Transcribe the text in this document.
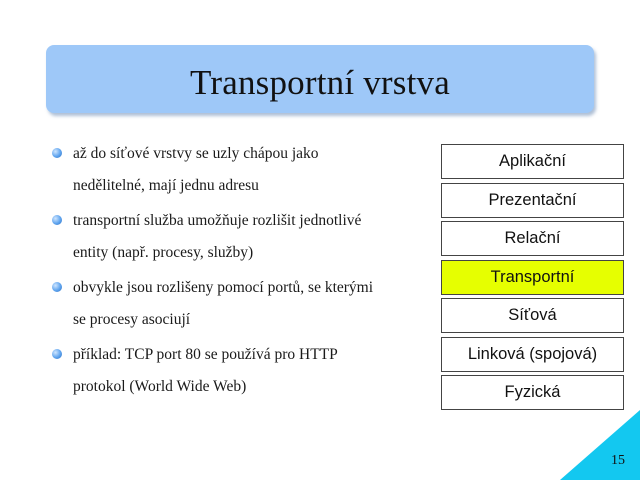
Transportní vrstva
až do síťové vrstvy se uzly chápou jako
nedělitelné, mají jednu adresu
transportní služba umožňuje rozlišit jednotlivé
entity (např. procesy, služby)
obvykle jsou rozlišeny pomocí portů, se kterými
se procesy asociují
příklad: TCP port 80 se používá pro HTTP
protokol (World Wide Web)
Aplikační
Prezentační
Relační
Transportní
Síťová
Linková (spojová)
Fyzická
15
